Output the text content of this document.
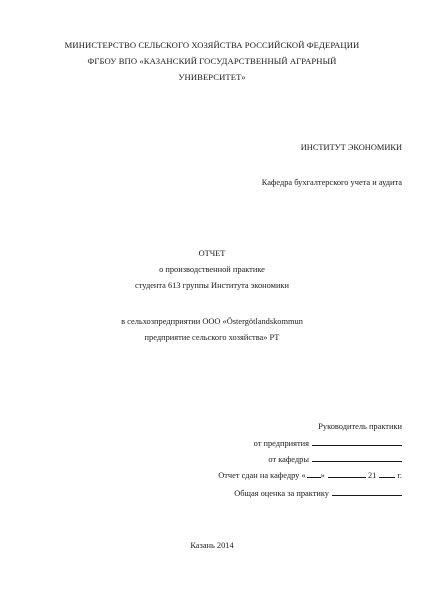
МИНИСТЕРСТВО СЕЛЬСКОГО ХОЗЯЙСТВА РОССИЙСКОЙ ФЕДЕРАЦИИ
ФГБОУ ВПО «КАЗАНСКИЙ ГОСУДАРСТВЕННЫЙ АГРАРНЫЙ
УНИВЕРСИТЕТ»
ИНСТИТУТ ЭКОНОМИКИ
Кафедра бухгалтерского учета и аудита
ОТЧЕТ
о производственной практике
студента 613 группы Института экономики
в сельхозпредприятии ООО «Östergötlandskommun
предприятие сельского хозяйства» РТ
Руководитель практики
от предприятия
от кафедры
Отчет сдан на кафедру « »	21	г.
Общая оценка за практику
Казань 2014
